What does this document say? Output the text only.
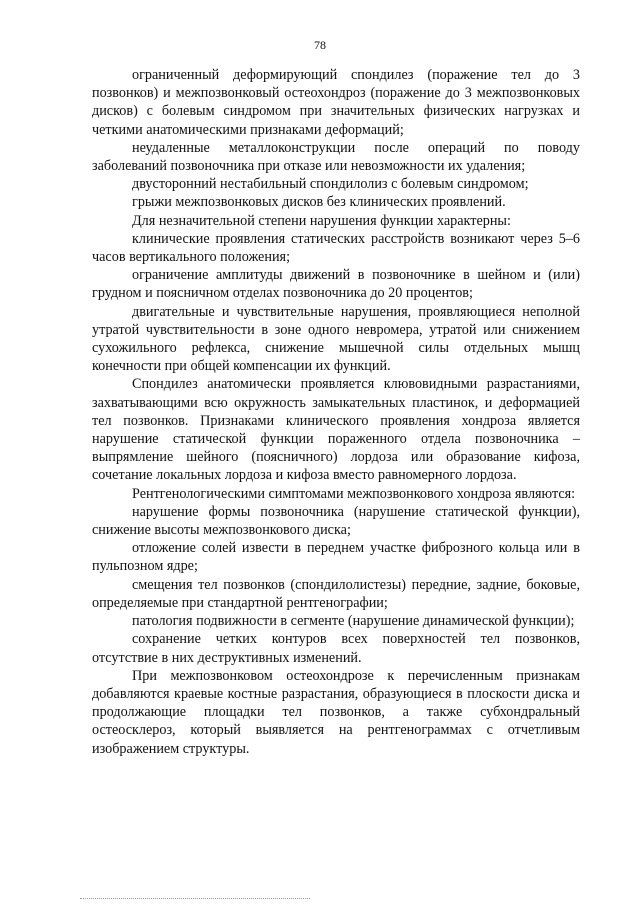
78

ограниченный деформирующий спондилез (поражение тел до 3 позвонков) и межпозвонковый остеохондроз (поражение до 3 межпозвонковых дисков) с болевым синдромом при значительных физических нагрузках и четкими анатомическими признаками деформаций;

неудаленные металлоконструкции после операций по поводу заболеваний позвоночника при отказе или невозможности их удаления;

двусторонний нестабильный спондилолиз с болевым синдромом;

грыжи межпозвонковых дисков без клинических проявлений.

Для незначительной степени нарушения функции характерны:

клинические проявления статических расстройств возникают через 5–6 часов вертикального положения;

ограничение амплитуды движений в позвоночнике в шейном и (или) грудном и поясничном отделах позвоночника до 20 процентов;

двигательные и чувствительные нарушения, проявляющиеся неполной утратой чувствительности в зоне одного невромера, утратой или снижением сухожильного рефлекса, снижение мышечной силы отдельных мышц конечности при общей компенсации их функций.

Спондилез анатомически проявляется клювовидными разрастаниями, захватывающими всю окружность замыкательных пластинок, и деформацией тел позвонков. Признаками клинического проявления хондроза является нарушение статической функции пораженного отдела позвоночника – выпрямление шейного (поясничного) лордоза или образование кифоза, сочетание локальных лордоза и кифоза вместо равномерного лордоза.

Рентгенологическими симптомами межпозвонкового хондроза являются:

нарушение формы позвоночника (нарушение статической функции), снижение высоты межпозвонкового диска;

отложение солей извести в переднем участке фиброзного кольца или в пульпозном ядре;

смещения тел позвонков (спондилолистезы) передние, задние, боковые, определяемые при стандартной рентгенографии;

патология подвижности в сегменте (нарушение динамической функции);

сохранение четких контуров всех поверхностей тел позвонков, отсутствие в них деструктивных изменений.

При межпозвонковом остеохондрозе к перечисленным признакам добавляются краевые костные разрастания, образующиеся в плоскости диска и продолжающие площадки тел позвонков, а также субхондральный остеосклероз, который выявляется на рентгенограммах с отчетливым изображением структуры.
